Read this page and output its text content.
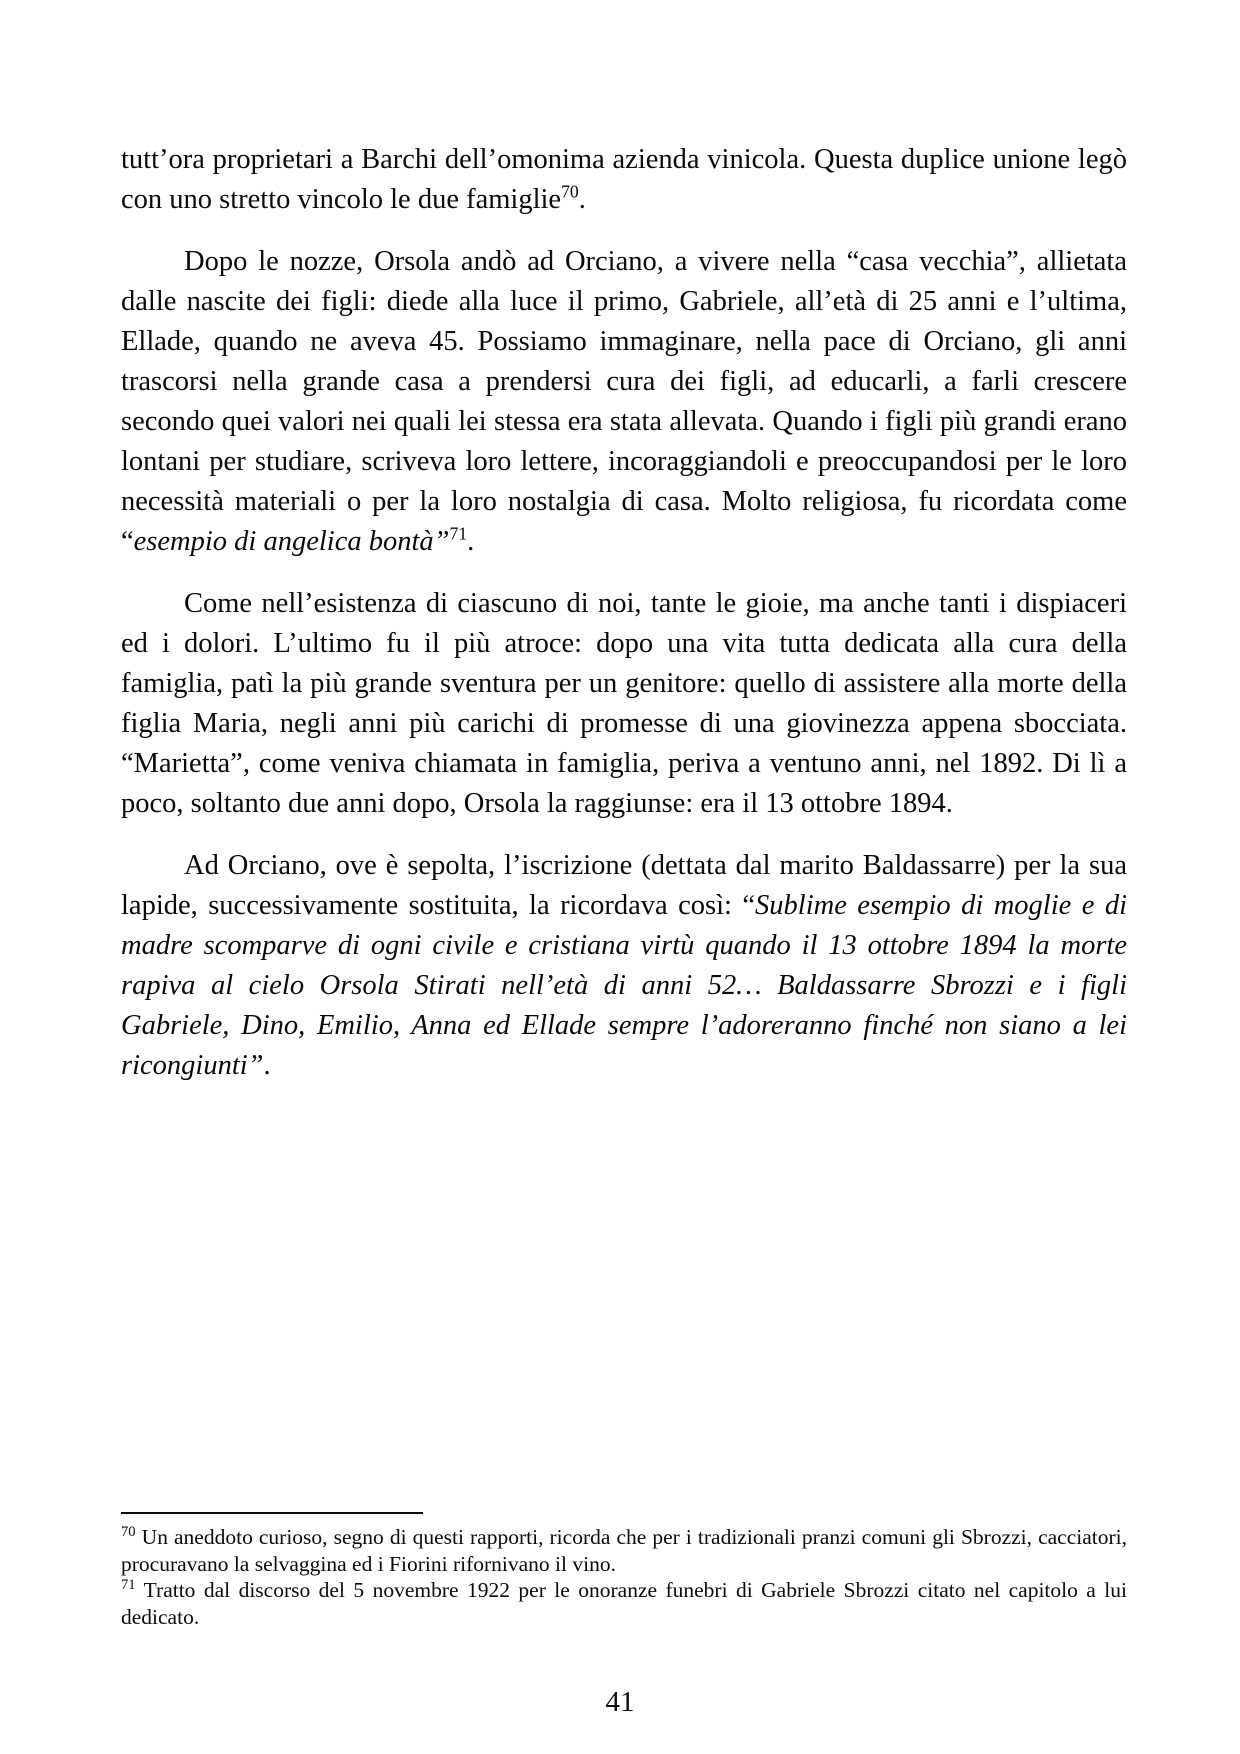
tutt’ora proprietari a Barchi dell’omonima azienda vinicola. Questa duplice unione legò con uno stretto vincolo le due famiglie$^{70}$.

Dopo le nozze, Orsola andò ad Orciano, a vivere nella “casa vecchia”, allietata dalle nascite dei figli: diede alla luce il primo, Gabriele, all’età di 25 anni e l’ultima, Ellade, quando ne aveva 45. Possiamo immaginare, nella pace di Orciano, gli anni trascorsi nella grande casa a prendersi cura dei figli, ad educarli, a farli crescere secondo quei valori nei quali lei stessa era stata allevata. Quando i figli più grandi erano lontani per studiare, scriveva loro lettere, incoraggiandoli e preoccupandosi per le loro necessità materiali o per la loro nostalgia di casa. Molto religiosa, fu ricordata come “esempio di angelica bontà”$^{71}$.

Come nell’esistenza di ciascuno di noi, tante le gioie, ma anche tanti i dispiaceri ed i dolori. L’ultimo fu il più atroce: dopo una vita tutta dedicata alla cura della famiglia, patì la più grande sventura per un genitore: quello di assistere alla morte della figlia Maria, negli anni più carichi di promesse di una giovinezza appena sbocciata. “Marietta”, come veniva chiamata in famiglia, periva a ventuno anni, nel 1892. Di lì a poco, soltanto due anni dopo, Orsola la raggiunse: era il 13 ottobre 1894.

Ad Orciano, ove è sepolta, l’iscrizione (dettata dal marito Baldassarre) per la sua lapide, successivamente sostituita, la ricordava così: “Sublime esempio di moglie e di madre scomparve di ogni civile e cristiana virtù quando il 13 ottobre 1894 la morte rapiva al cielo Orsola Stirati nell’età di anni 52… Baldassarre Sbrozzi e i figli Gabriele, Dino, Emilio, Anna ed Ellade sempre l’adoreranno finché non siano a lei ricongiunti”.

$^{70}$ Un aneddoto curioso, segno di questi rapporti, ricorda che per i tradizionali pranzi comuni gli Sbrozzi, cacciatori, procuravano la selvaggina ed i Fiorini rifornivano il vino.

$^{71}$ Tratto dal discorso del 5 novembre 1922 per le onoranze funebri di Gabriele Sbrozzi citato nel capitolo a lui dedicato.

41
